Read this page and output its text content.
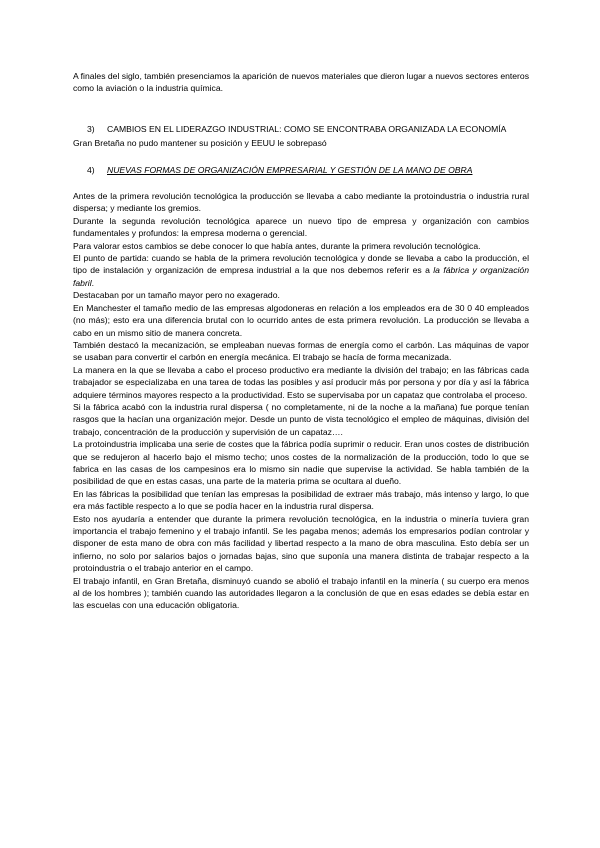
A finales del siglo, también presenciamos la aparición de nuevos materiales que dieron lugar a nuevos sectores enteros como la aviación o la industria química.

3)	CAMBIOS EN EL LIDERAZGO INDUSTRIAL: COMO SE ENCONTRABA ORGANIZADA LA ECONOMÍA

Gran Bretaña no pudo mantener su posición y EEUU le sobrepasó

4)	NUEVAS FORMAS DE ORGANIZACIÓN EMPRESARIAL Y GESTIÓN DE LA MANO DE OBRA

Antes de la primera revolución tecnológica la producción se llevaba a cabo mediante la protoindustria o industria rural dispersa; y mediante los gremios.

Durante la segunda revolución tecnológica aparece un nuevo tipo de empresa y organización con cambios fundamentales y profundos: la empresa moderna o gerencial.

Para valorar estos cambios se debe conocer lo que había antes, durante la primera revolución tecnológica.

El punto de partida: cuando se habla de la primera revolución tecnológica y donde se llevaba a cabo la producción, el tipo de instalación y organización de empresa industrial a la que nos debemos referir es a la fábrica y organización fabril.

Destacaban por un tamaño mayor pero no exagerado.

En Manchester el tamaño medio de las empresas algodoneras en relación a los empleados era de 30 0 40 empleados (no más); esto era una diferencia brutal con lo ocurrido antes de esta primera revolución. La producción se llevaba a cabo en un mismo sitio de manera concreta.

También destacó la mecanización, se empleaban nuevas formas de energía como el carbón. Las máquinas de vapor se usaban para convertir el carbón en energía mecánica. El trabajo se hacía de forma mecanizada.

La manera en la que se llevaba a cabo el proceso productivo era mediante la división del trabajo; en las fábricas cada trabajador se especializaba en una tarea de todas las posibles y así producir más por persona y por día y así la fábrica adquiere términos mayores respecto a la productividad. Esto se supervisaba por un capataz que controlaba el proceso.

Si la fábrica acabó con la industria rural dispersa ( no completamente, ni de la noche a la mañana) fue porque tenían rasgos que la hacían una organización mejor. Desde un punto de vista tecnológico el empleo de máquinas, división del trabajo, concentración de la producción y supervisión de un capataz….

La protoindustria implicaba una serie de costes que la fábrica podía suprimir o reducir. Eran unos costes de distribución que se redujeron al hacerlo bajo el mismo techo; unos costes de la normalización de la producción, todo lo que se fabrica en las casas de los campesinos era lo mismo sin nadie que supervise la actividad. Se habla también de la posibilidad de que en estas casas, una parte de la materia prima se ocultara al dueño.

En las fábricas la posibilidad que tenían las empresas la posibilidad de extraer más trabajo, más intenso y largo, lo que era más factible respecto a lo que se podía hacer en la industria rural dispersa.

Esto nos ayudaría a entender que durante la primera revolución tecnológica, en la industria o minería tuviera gran importancia el trabajo femenino y el trabajo infantil. Se les pagaba menos; además los empresarios podían controlar y disponer de esta mano de obra con más facilidad y libertad respecto a la mano de obra masculina. Esto debía ser un infierno, no solo por salarios bajos o jornadas bajas, sino que suponía una manera distinta de trabajar respecto a la protoindustria o el trabajo anterior en el campo.

El trabajo infantil, en Gran Bretaña, disminuyó cuando se abolió el trabajo infantil en la minería ( su cuerpo era menos al de los hombres ); también cuando las autoridades llegaron a la conclusión de que en esas edades se debía estar en las escuelas con una educación obligatoria.
